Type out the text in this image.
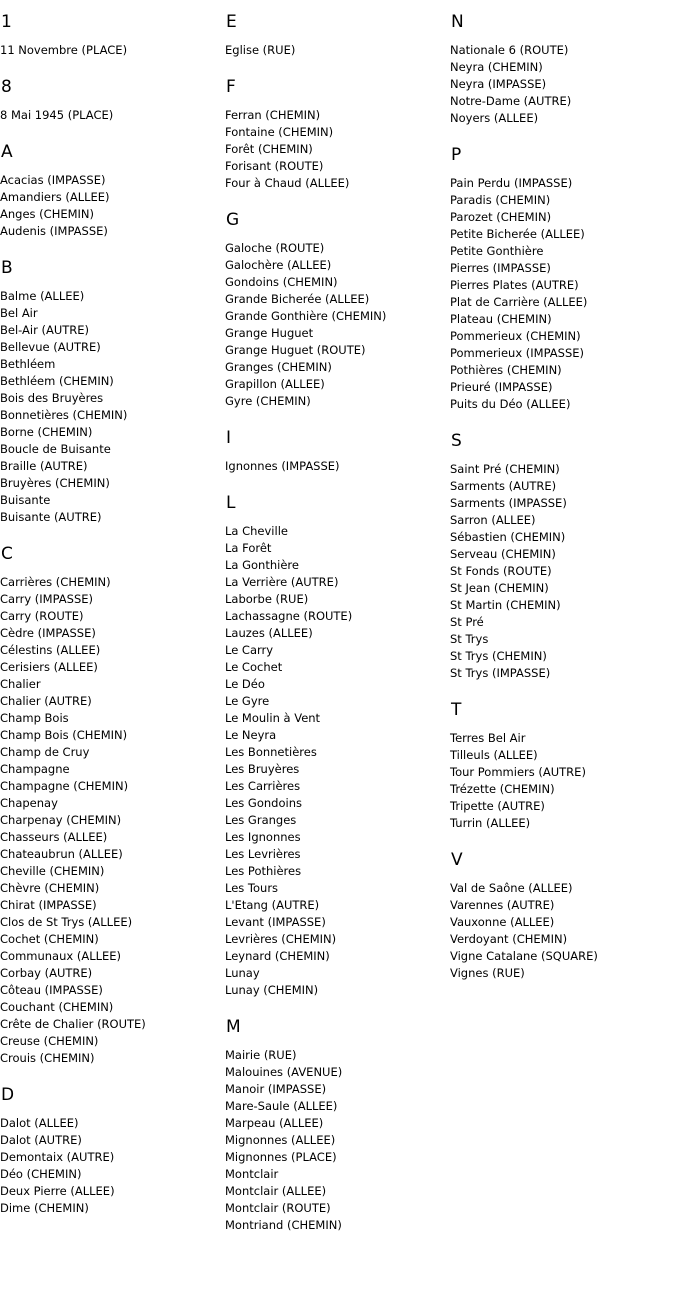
1
11 Novembre (PLACE)
8
8 Mai 1945 (PLACE)
A
Acacias (IMPASSE)
Amandiers (ALLEE)
Anges (CHEMIN)
Audenis (IMPASSE)
B
Balme (ALLEE)
Bel Air
Bel-Air (AUTRE)
Bellevue (AUTRE)
Bethléem
Bethléem (CHEMIN)
Bois des Bruyères
Bonnetières (CHEMIN)
Borne (CHEMIN)
Boucle de Buisante
Braille (AUTRE)
Bruyères (CHEMIN)
Buisante
Buisante (AUTRE)
C
Carrières (CHEMIN)
Carry (IMPASSE)
Carry (ROUTE)
Cèdre (IMPASSE)
Célestins (ALLEE)
Cerisiers (ALLEE)
Chalier
Chalier (AUTRE)
Champ Bois
Champ Bois (CHEMIN)
Champ de Cruy
Champagne
Champagne (CHEMIN)
Chapenay
Charpenay (CHEMIN)
Chasseurs (ALLEE)
Chateaubrun (ALLEE)
Cheville (CHEMIN)
Chèvre (CHEMIN)
Chirat (IMPASSE)
Clos de St Trys (ALLEE)
Cochet (CHEMIN)
Communaux (ALLEE)
Corbay (AUTRE)
Côteau (IMPASSE)
Couchant (CHEMIN)
Crête de Chalier (ROUTE)
Creuse (CHEMIN)
Crouis (CHEMIN)
D
Dalot (ALLEE)
Dalot (AUTRE)
Demontaix (AUTRE)
Déo (CHEMIN)
Deux Pierre (ALLEE)
Dime (CHEMIN)
E
Eglise (RUE)
F
Ferran (CHEMIN)
Fontaine (CHEMIN)
Forêt (CHEMIN)
Forisant (ROUTE)
Four à Chaud (ALLEE)
G
Galoche (ROUTE)
Galochère (ALLEE)
Gondoins (CHEMIN)
Grande Bicherée (ALLEE)
Grande Gonthière (CHEMIN)
Grange Huguet
Grange Huguet (ROUTE)
Granges (CHEMIN)
Grapillon (ALLEE)
Gyre (CHEMIN)
I
Ignonnes (IMPASSE)
L
La Cheville
La Forêt
La Gonthière
La Verrière (AUTRE)
Laborbe (RUE)
Lachassagne (ROUTE)
Lauzes (ALLEE)
Le Carry
Le Cochet
Le Déo
Le Gyre
Le Moulin à Vent
Le Neyra
Les Bonnetières
Les Bruyères
Les Carrières
Les Gondoins
Les Granges
Les Ignonnes
Les Levrières
Les Pothières
Les Tours
L'Etang (AUTRE)
Levant (IMPASSE)
Levrières (CHEMIN)
Leynard (CHEMIN)
Lunay
Lunay (CHEMIN)
M
Mairie (RUE)
Malouines (AVENUE)
Manoir (IMPASSE)
Mare-Saule (ALLEE)
Marpeau (ALLEE)
Mignonnes (ALLEE)
Mignonnes (PLACE)
Montclair
Montclair (ALLEE)
Montclair (ROUTE)
Montriand (CHEMIN)
N
Nationale 6 (ROUTE)
Neyra (CHEMIN)
Neyra (IMPASSE)
Notre-Dame (AUTRE)
Noyers (ALLEE)
P
Pain Perdu (IMPASSE)
Paradis (CHEMIN)
Parozet (CHEMIN)
Petite Bicherée (ALLEE)
Petite Gonthière
Pierres (IMPASSE)
Pierres Plates (AUTRE)
Plat de Carrière (ALLEE)
Plateau (CHEMIN)
Pommerieux (CHEMIN)
Pommerieux (IMPASSE)
Pothières (CHEMIN)
Prieuré (IMPASSE)
Puits du Déo (ALLEE)
S
Saint Pré (CHEMIN)
Sarments (AUTRE)
Sarments (IMPASSE)
Sarron (ALLEE)
Sébastien (CHEMIN)
Serveau (CHEMIN)
St Fonds (ROUTE)
St Jean (CHEMIN)
St Martin (CHEMIN)
St Pré
St Trys
St Trys (CHEMIN)
St Trys (IMPASSE)
T
Terres Bel Air
Tilleuls (ALLEE)
Tour Pommiers (AUTRE)
Trézette (CHEMIN)
Tripette (AUTRE)
Turrin (ALLEE)
V
Val de Saône (ALLEE)
Varennes (AUTRE)
Vauxonne (ALLEE)
Verdoyant (CHEMIN)
Vigne Catalane (SQUARE)
Vignes (RUE)
